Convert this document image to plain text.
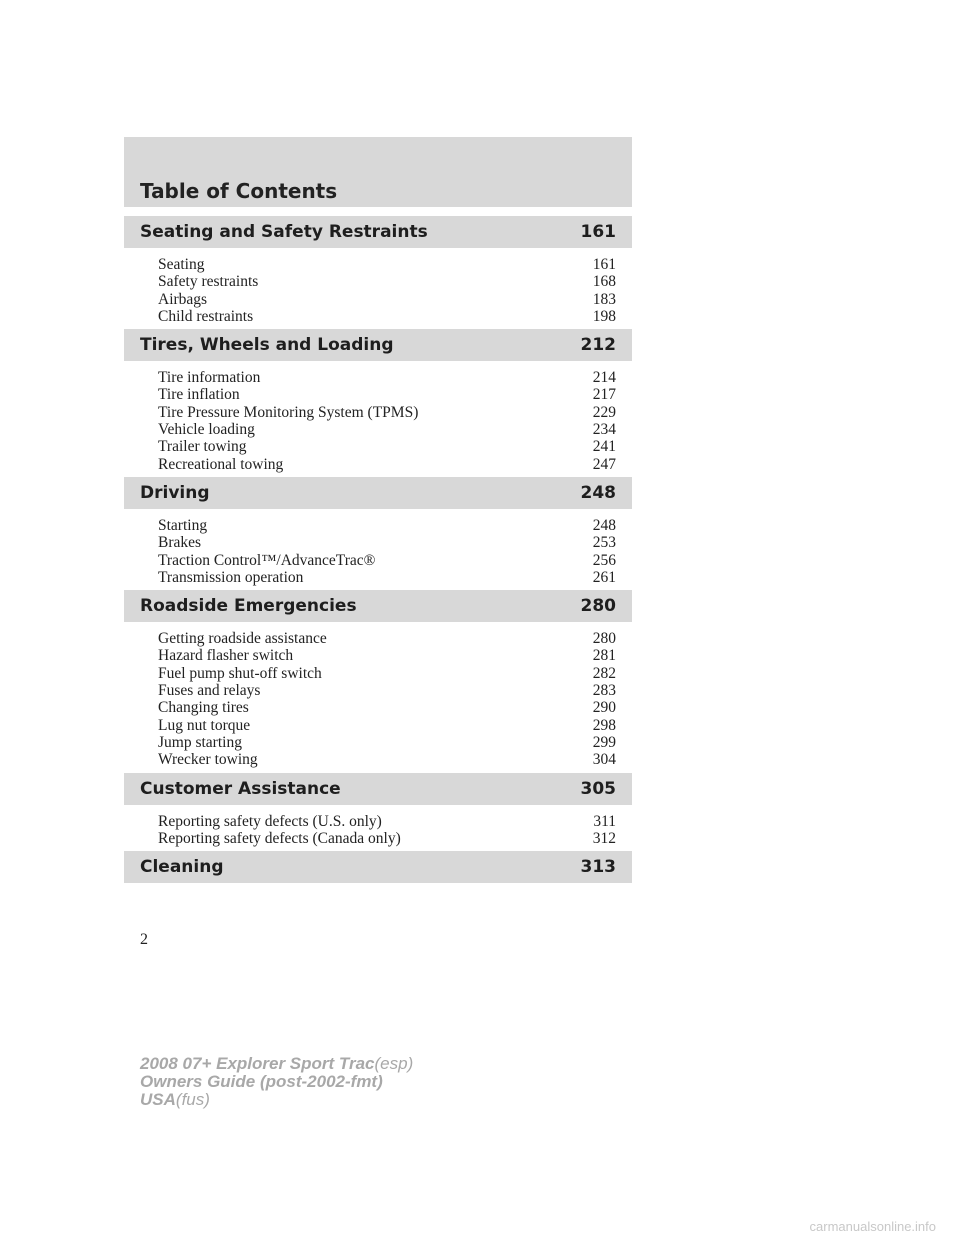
Table of Contents
Seating and Safety Restraints	161
Seating	161
Safety restraints	168
Airbags	183
Child restraints	198
Tires, Wheels and Loading	212
Tire information	214
Tire inflation	217
Tire Pressure Monitoring System (TPMS)	229
Vehicle loading	234
Trailer towing	241
Recreational towing	247
Driving	248
Starting	248
Brakes	253
Traction Control™/AdvanceTrac®	256
Transmission operation	261
Roadside Emergencies	280
Getting roadside assistance	280
Hazard flasher switch	281
Fuel pump shut-off switch	282
Fuses and relays	283
Changing tires	290
Lug nut torque	298
Jump starting	299
Wrecker towing	304
Customer Assistance	305
Reporting safety defects (U.S. only)	311
Reporting safety defects (Canada only)	312
Cleaning	313
2
2008 07+ Explorer Sport Trac(esp)
Owners Guide (post-2002-fmt)
USA(fus)
carmanualsonline.info
